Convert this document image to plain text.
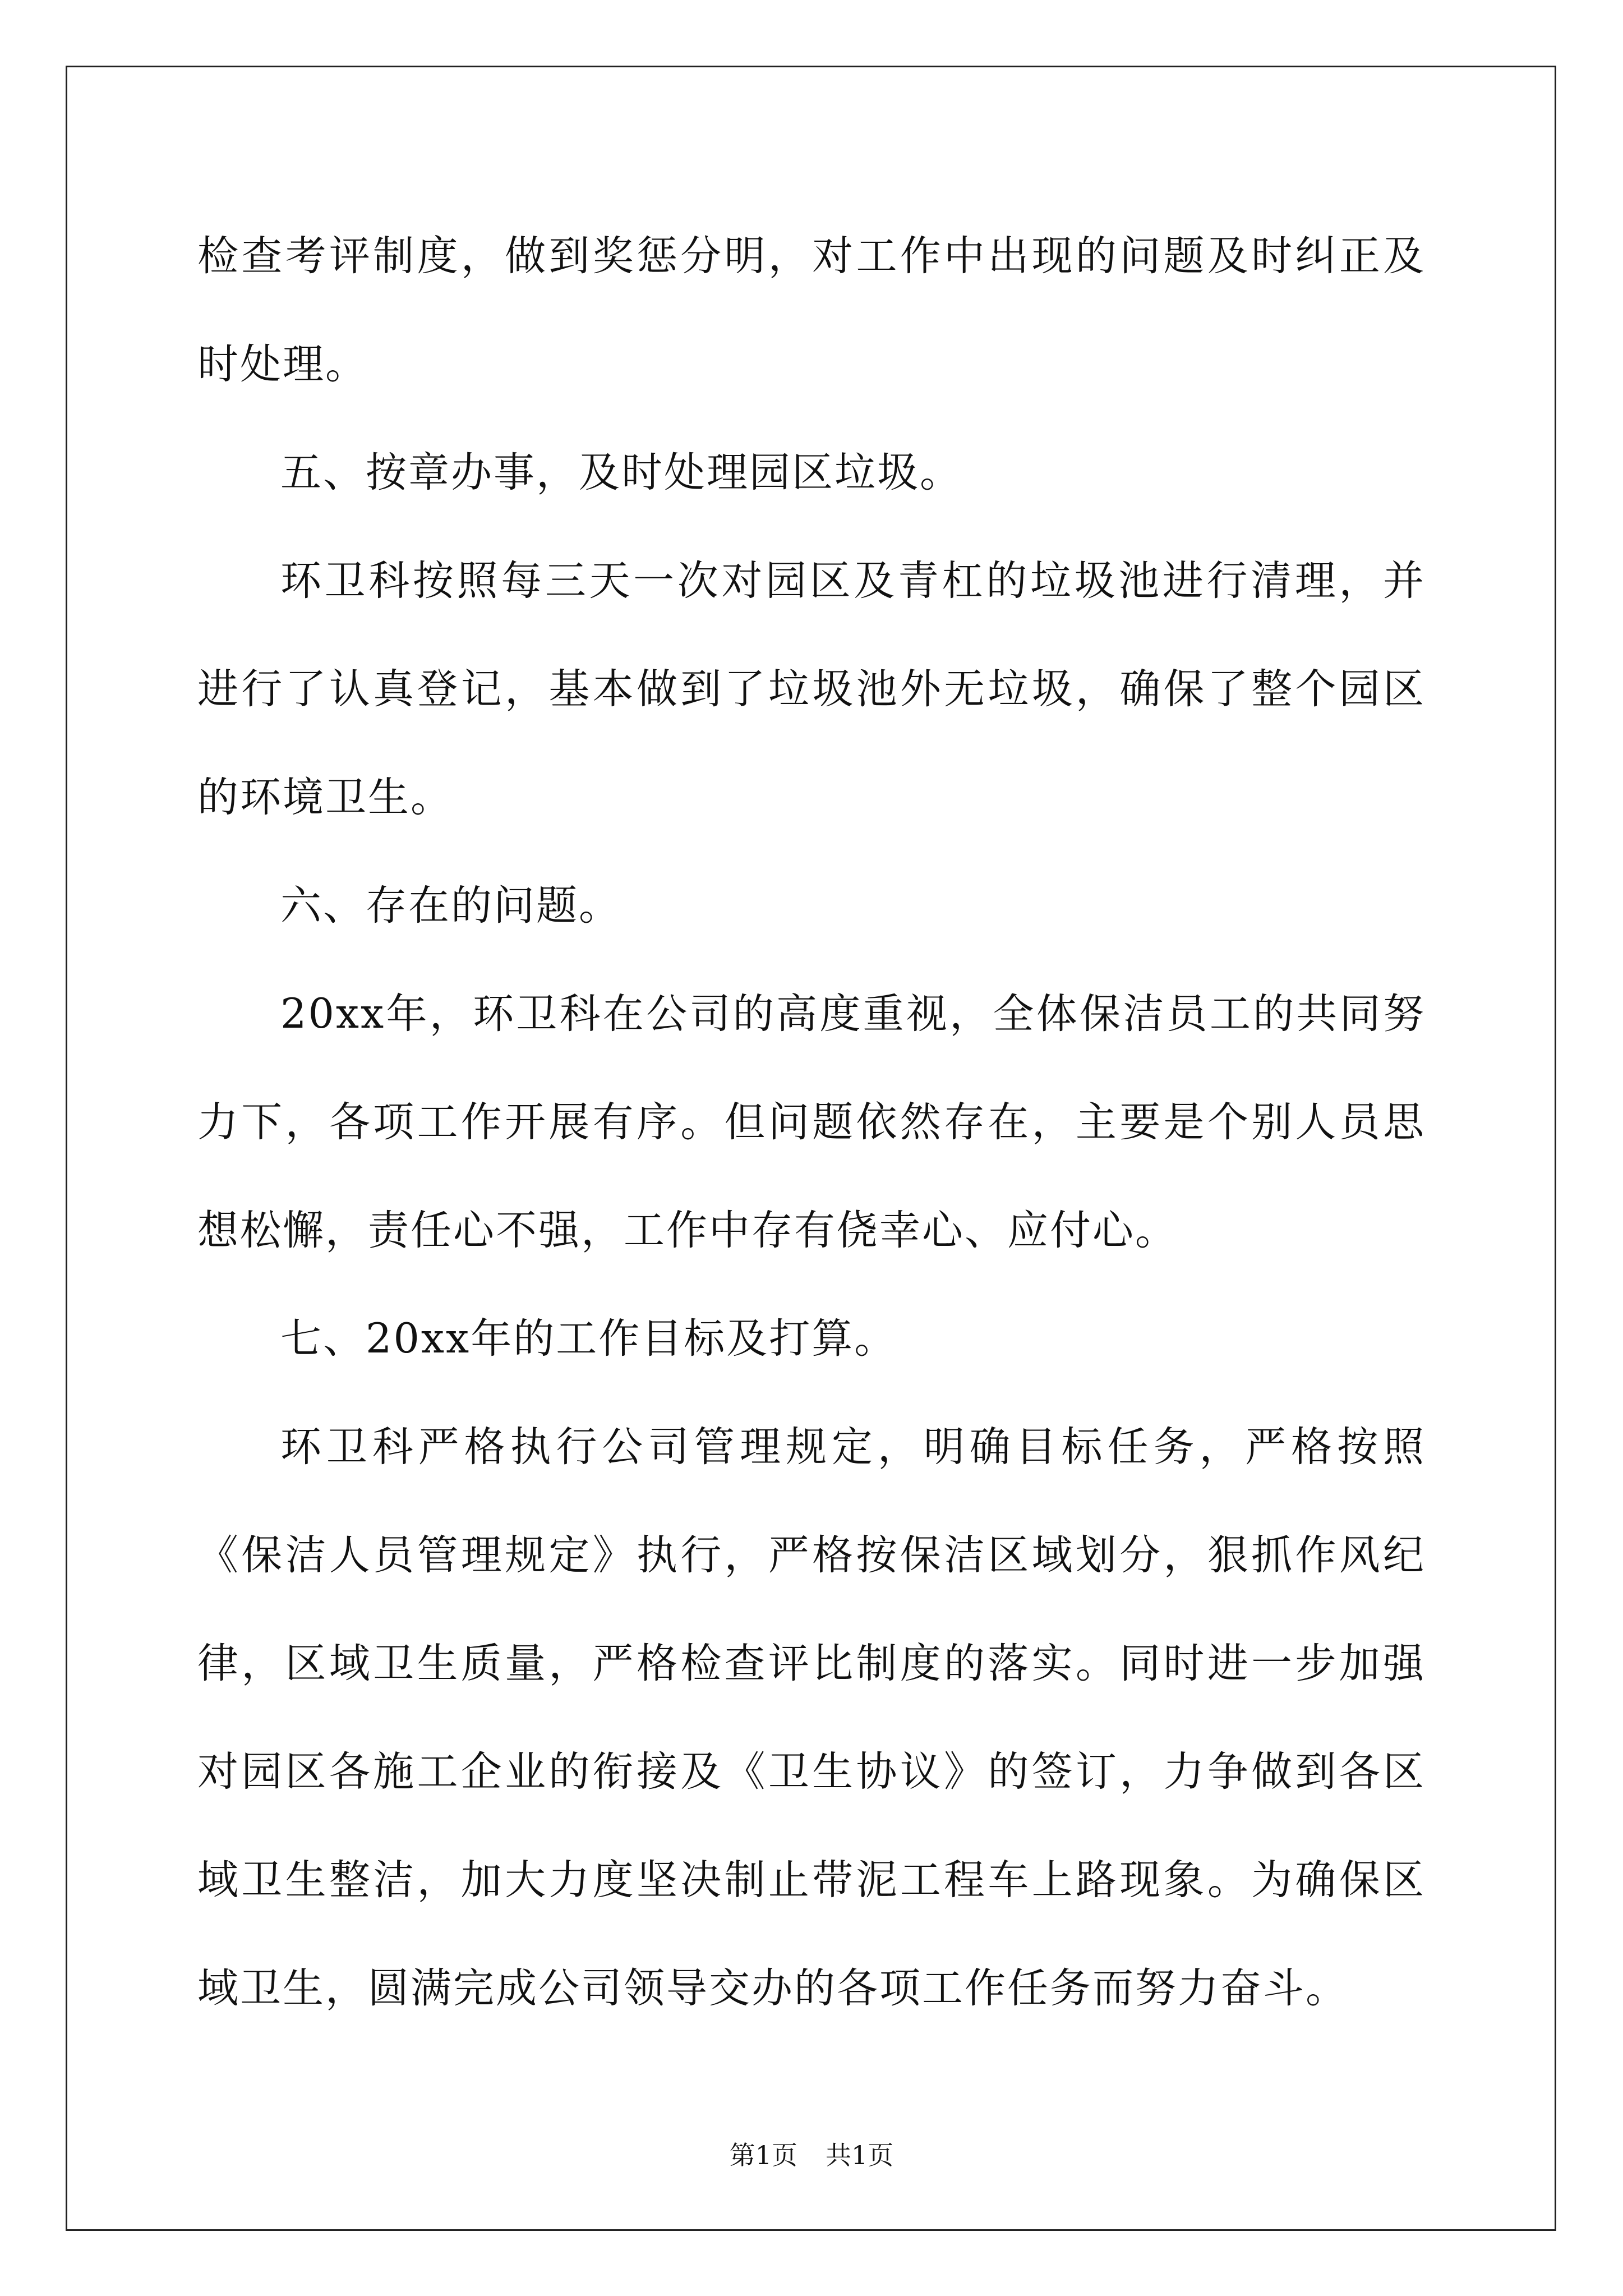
检查考评制度，做到奖惩分明，对工作中出现的问题及时纠正及时处理。

五、按章办事，及时处理园区垃圾。

环卫科按照每三天一次对园区及青杠的垃圾池进行清理，并进行了认真登记，基本做到了垃圾池外无垃圾，确保了整个园区的环境卫生。

六、存在的问题。

20xx年，环卫科在公司的高度重视，全体保洁员工的共同努力下，各项工作开展有序。但问题依然存在，主要是个别人员思想松懈，责任心不强，工作中存有侥幸心、应付心。

七、20xx年的工作目标及打算。

环卫科严格执行公司管理规定，明确目标任务，严格按照《保洁人员管理规定》执行，严格按保洁区域划分，狠抓作风纪律，区域卫生质量，严格检查评比制度的落实。同时进一步加强对园区各施工企业的衔接及《卫生协议》的签订，力争做到各区域卫生整洁，加大力度坚决制止带泥工程车上路现象。为确保区域卫生，圆满完成公司领导交办的各项工作任务而努力奋斗。

第1页 共1页
